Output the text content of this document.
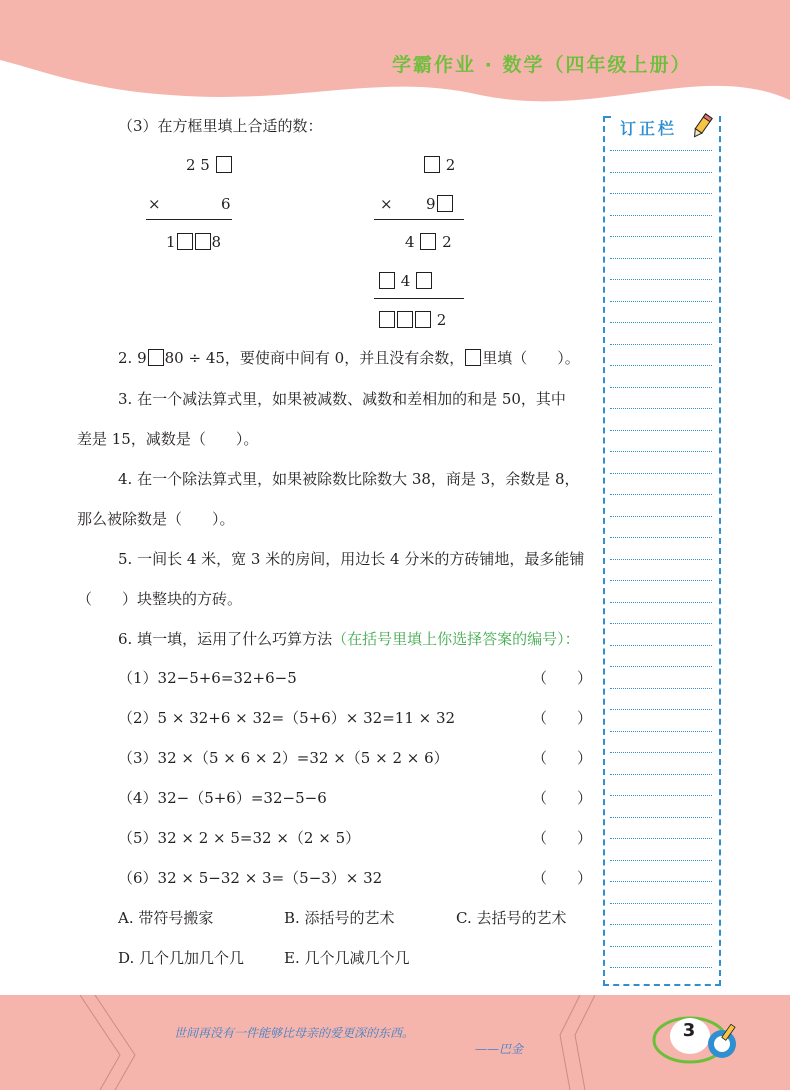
学霸作业 · 数学（四年级上册）
订正栏
（3）在方框里填上合适的数：
2 5
×	6
1 8
2
× 9
4 2
4
2
2. 9 80 ÷ 45，要使商中间有 0，并且没有余数， 里填（　　）。
3. 在一个减法算式里，如果被减数、减数和差相加的和是 50，其中
差是 15，减数是（　　）。
4. 在一个除法算式里，如果被除数比除数大 38，商是 3，余数是 8，
那么被除数是（　　）。
5. 一间长 4 米，宽 3 米的房间，用边长 4 分米的方砖铺地，最多能铺
（　　）块整块的方砖。
6. 填一填，运用了什么巧算方法（在括号里填上你选择答案的编号）：
（1）32−5+6=32+6−5	（　　）
（2）5 × 32+6 × 32=（5+6）× 32=11 × 32	（　　）
（3）32 ×（5 × 6 × 2）=32 ×（5 × 2 × 6）	（　　）
（4）32−（5+6）=32−5−6	（　　）
（5）32 × 2 × 5=32 ×（2 × 5）	（　　）
（6）32 × 5−32 × 3=（5−3）× 32	（　　）
A. 带符号搬家	B. 添括号的艺术	C. 去括号的艺术
D. 几个几加几个几	E. 几个几减几个几
世间再没有一件能够比母亲的爱更深的东西。
——巴金
3
